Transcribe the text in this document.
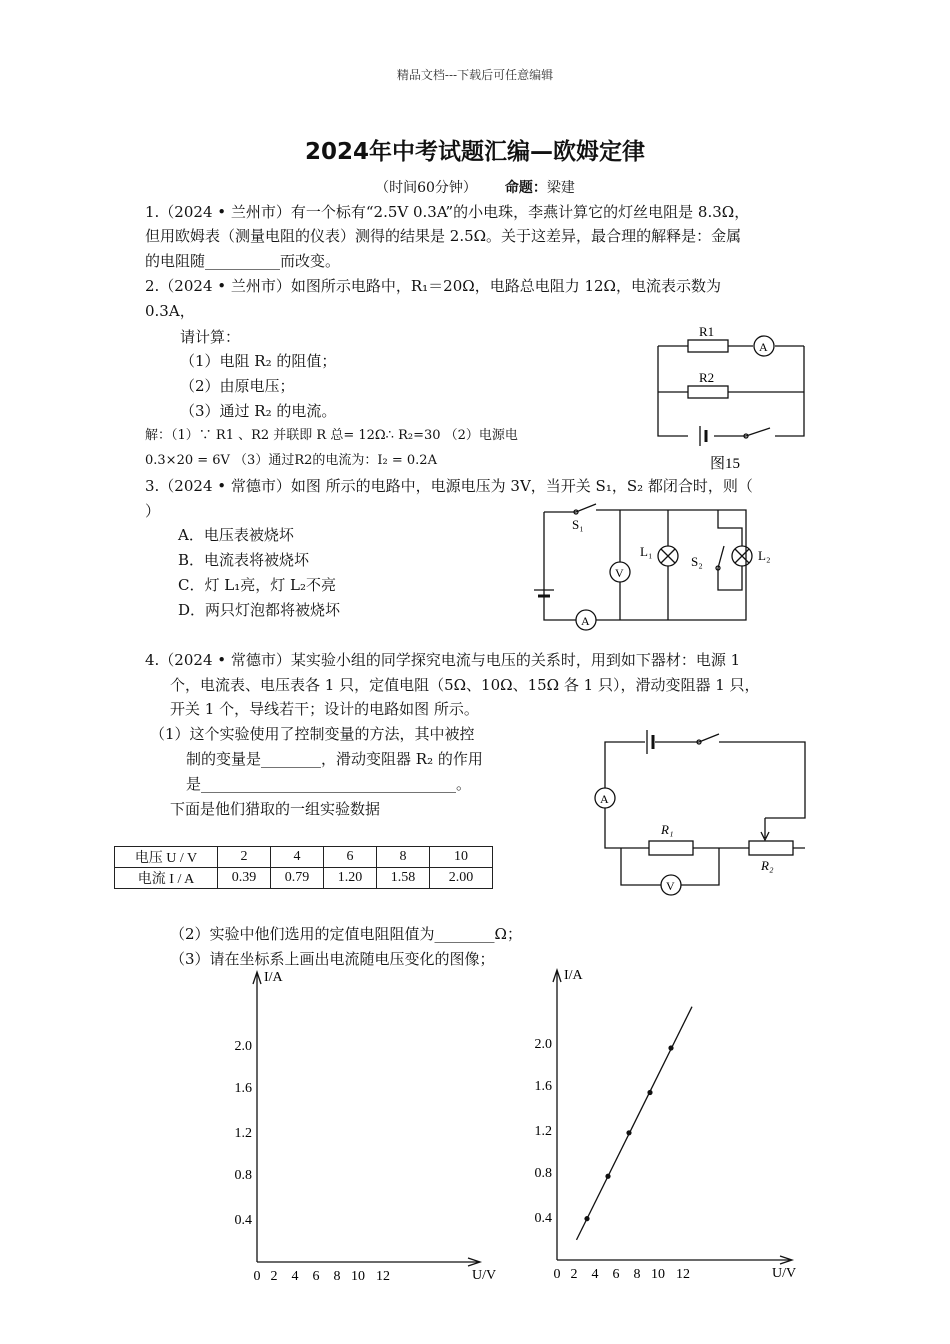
精品文档---下载后可任意编辑
2024年中考试题汇编—欧姆定律
（时间60分钟） 命题：梁建
1.（2024 • 兰州市）有一个标有“2.5V 0.3A”的小电珠，李燕计算它的灯丝电阻是 8.3Ω，
但用欧姆表（测量电阻的仪表）测得的结果是 2.5Ω。关于这差异，最合理的解释是：金属
的电阻随__________而改变。
2.（2024 • 兰州市）如图所示电路中，R₁＝20Ω，电路总电阻力 12Ω，电流表示数为
0.3A，
请计算：
（1）电阻 R₂ 的阻值；
（2）由原电压；
（3）通过 R₂ 的电流。
解：（1）∵ R1 、R2 并联即 R 总= 12Ω∴ R₂=30 （2）电源电
0.3×20 = 6V （3）通过R2的电流为：I₂ = 0.2A
R1
R2
A
图15
3.（2024 • 常德市）如图 所示的电路中，电源电压为 3V，当开关 S₁，S₂ 都闭合时，则（
）
A．电压表被烧坏
B．电流表将被烧坏
C．灯 L₁亮，灯 L₂不亮
D．两只灯泡都将被烧坏
S₁
L₁
S₂	L₂
V
A
4.（2024 • 常德市）某实验小组的同学探究电流与电压的关系时，用到如下器材：电源 1
个，电流表、电压表各 1 只，定值电阻（5Ω、10Ω、15Ω 各 1 只），滑动变阻器 1 只，
开关 1 个，导线若干；设计的电路如图 所示。
（1）这个实验使用了控制变量的方法，其中被控
制的变量是________，滑动变阻器 R₂ 的作用
是__________________________________。
下面是他们猎取的一组实验数据
电压 U / V	2	4	6	8	10
电流 I / A	0.39	0.79	1.20	1.58	2.00
A
V
R₁
R₂
（2）实验中他们选用的定值电阻阻值为________Ω；
（3）请在坐标系上画出电流随电压变化的图像；
I/A
U/V
2.0
1.6
1.2
0.8
0.4
0 2 4 6 8 10 12
I/A
U/V
2.0
1.6
1.2
0.8
0.4
0 2 4 6 8 10 12
